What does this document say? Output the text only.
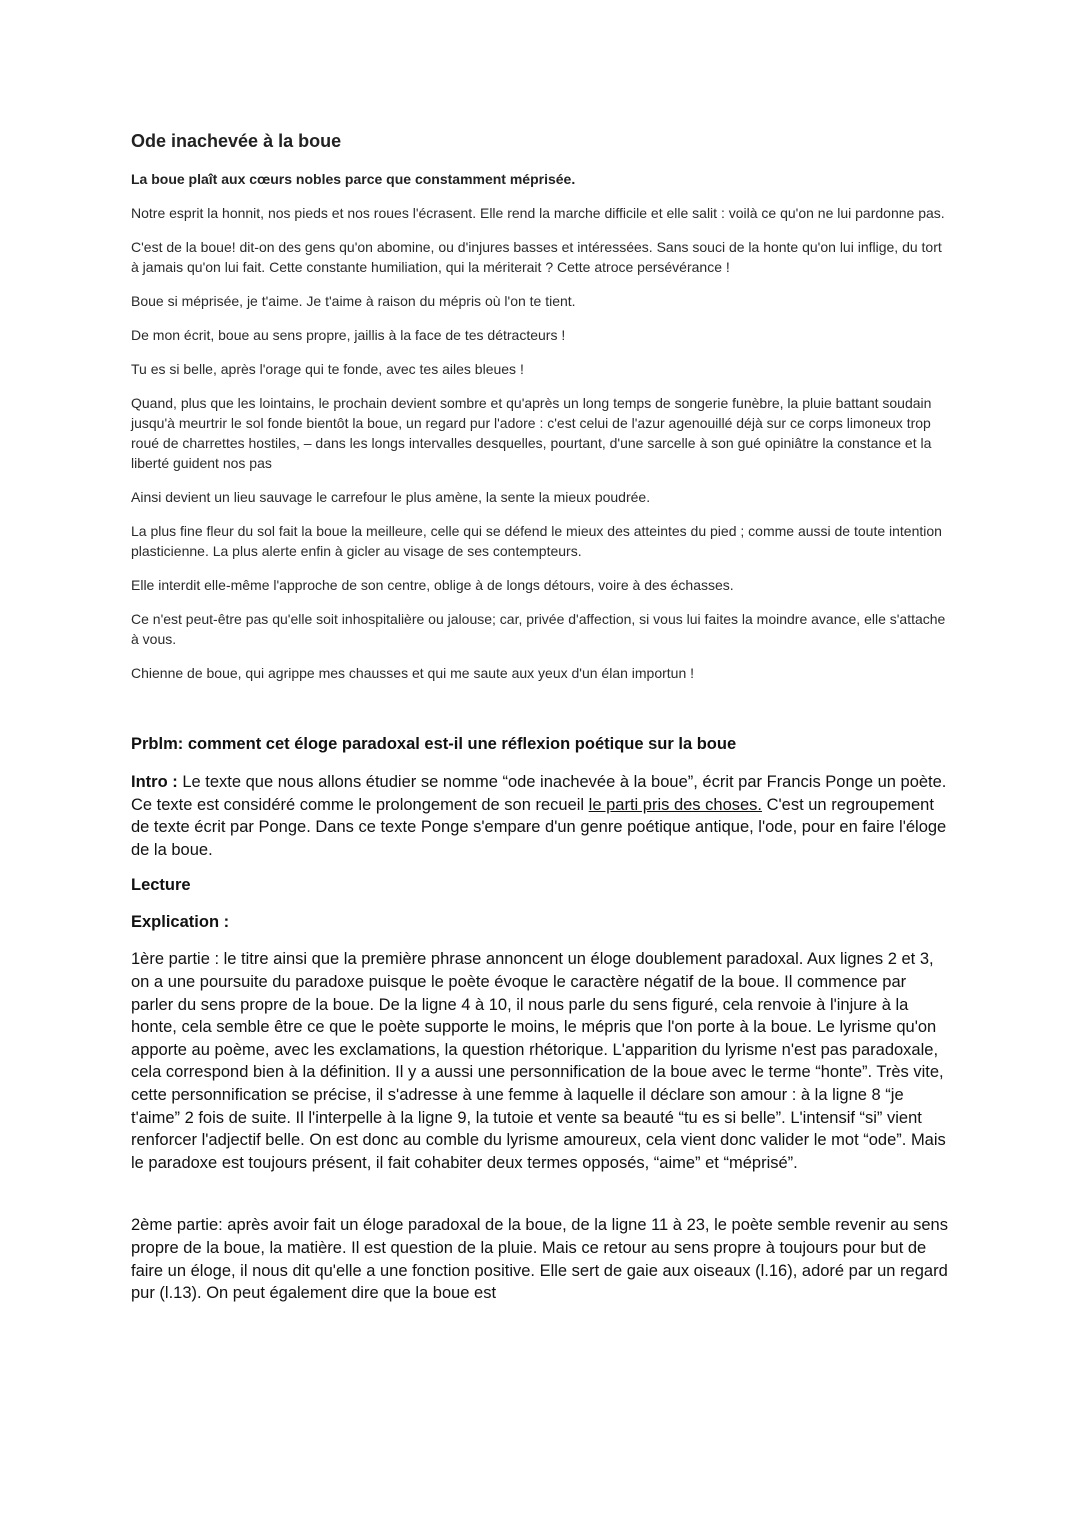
Ode inachevée à la boue
La boue plaît aux cœurs nobles parce que constamment méprisée.

Notre esprit la honnit, nos pieds et nos roues l'écrasent. Elle rend la marche difficile et elle salit : voilà ce qu'on ne lui pardonne pas.

C'est de la boue! dit-on des gens qu'on abomine, ou d'injures basses et intéressées. Sans souci de la honte qu'on lui inflige, du tort à jamais qu'on lui fait. Cette constante humiliation, qui la mériterait ? Cette atroce persévérance !

Boue si méprisée, je t'aime. Je t'aime à raison du mépris où l'on te tient.

De mon écrit, boue au sens propre, jaillis à la face de tes détracteurs !

Tu es si belle, après l'orage qui te fonde, avec tes ailes bleues !

Quand, plus que les lointains, le prochain devient sombre et qu'après un long temps de songerie funèbre, la pluie battant soudain jusqu'à meurtrir le sol fonde bientôt la boue, un regard pur l'adore : c'est celui de l'azur agenouillé déjà sur ce corps limoneux trop roué de charrettes hostiles, – dans les longs intervalles desquelles, pourtant, d'une sarcelle à son gué opiniâtre la constance et la liberté guident nos pas

Ainsi devient un lieu sauvage le carrefour le plus amène, la sente la mieux poudrée.

La plus fine fleur du sol fait la boue la meilleure, celle qui se défend le mieux des atteintes du pied ; comme aussi de toute intention plasticienne. La plus alerte enfin à gicler au visage de ses contempteurs.

Elle interdit elle-même l'approche de son centre, oblige à de longs détours, voire à des échasses.

Ce n'est peut-être pas qu'elle soit inhospitalière ou jalouse; car, privée d'affection, si vous lui faites la moindre avance, elle s'attache à vous.

Chienne de boue, qui agrippe mes chausses et qui me saute aux yeux d'un élan importun !

Prblm: comment cet éloge paradoxal est-il une réflexion poétique sur la boue

Intro : Le texte que nous allons étudier se nomme “ode inachevée à la boue”, écrit par Francis Ponge un poète. Ce texte est considéré comme le prolongement de son recueil le parti pris des choses. C'est un regroupement de texte écrit par Ponge. Dans ce texte Ponge s'empare d'un genre poétique antique, l'ode, pour en faire l'éloge de la boue.

Lecture
Explication :

1ère partie : le titre ainsi que la première phrase annoncent un éloge doublement paradoxal. Aux lignes 2 et 3, on a une poursuite du paradoxe puisque le poète évoque le caractère négatif de la boue. Il commence par parler du sens propre de la boue. De la ligne 4 à 10, il nous parle du sens figuré, cela renvoie à l'injure à la honte, cela semble être ce que le poète supporte le moins, le mépris que l'on porte à la boue. Le lyrisme qu'on apporte au poème, avec les exclamations, la question rhétorique. L'apparition du lyrisme n'est pas paradoxale, cela correspond bien à la définition. Il y a aussi une personnification de la boue avec le terme “honte”. Très vite, cette personnification se précise, il s'adresse à une femme à laquelle il déclare son amour : à la ligne 8 “je t'aime” 2 fois de suite. Il l'interpelle à la ligne 9, la tutoie et vente sa beauté “tu es si belle”. L'intensif “si” vient renforcer l'adjectif belle. On est donc au comble du lyrisme amoureux, cela vient donc valider le mot “ode”. Mais le paradoxe est toujours présent, il fait cohabiter deux termes opposés, “aime” et “méprisé”.

2ème partie: après avoir fait un éloge paradoxal de la boue, de la ligne 11 à 23, le poète semble revenir au sens propre de la boue, la matière. Il est question de la pluie. Mais ce retour au sens propre à toujours pour but de faire un éloge, il nous dit qu'elle a une fonction positive. Elle sert de gaie aux oiseaux (l.16), adoré par un regard pur (l.13). On peut également dire que la boue est
